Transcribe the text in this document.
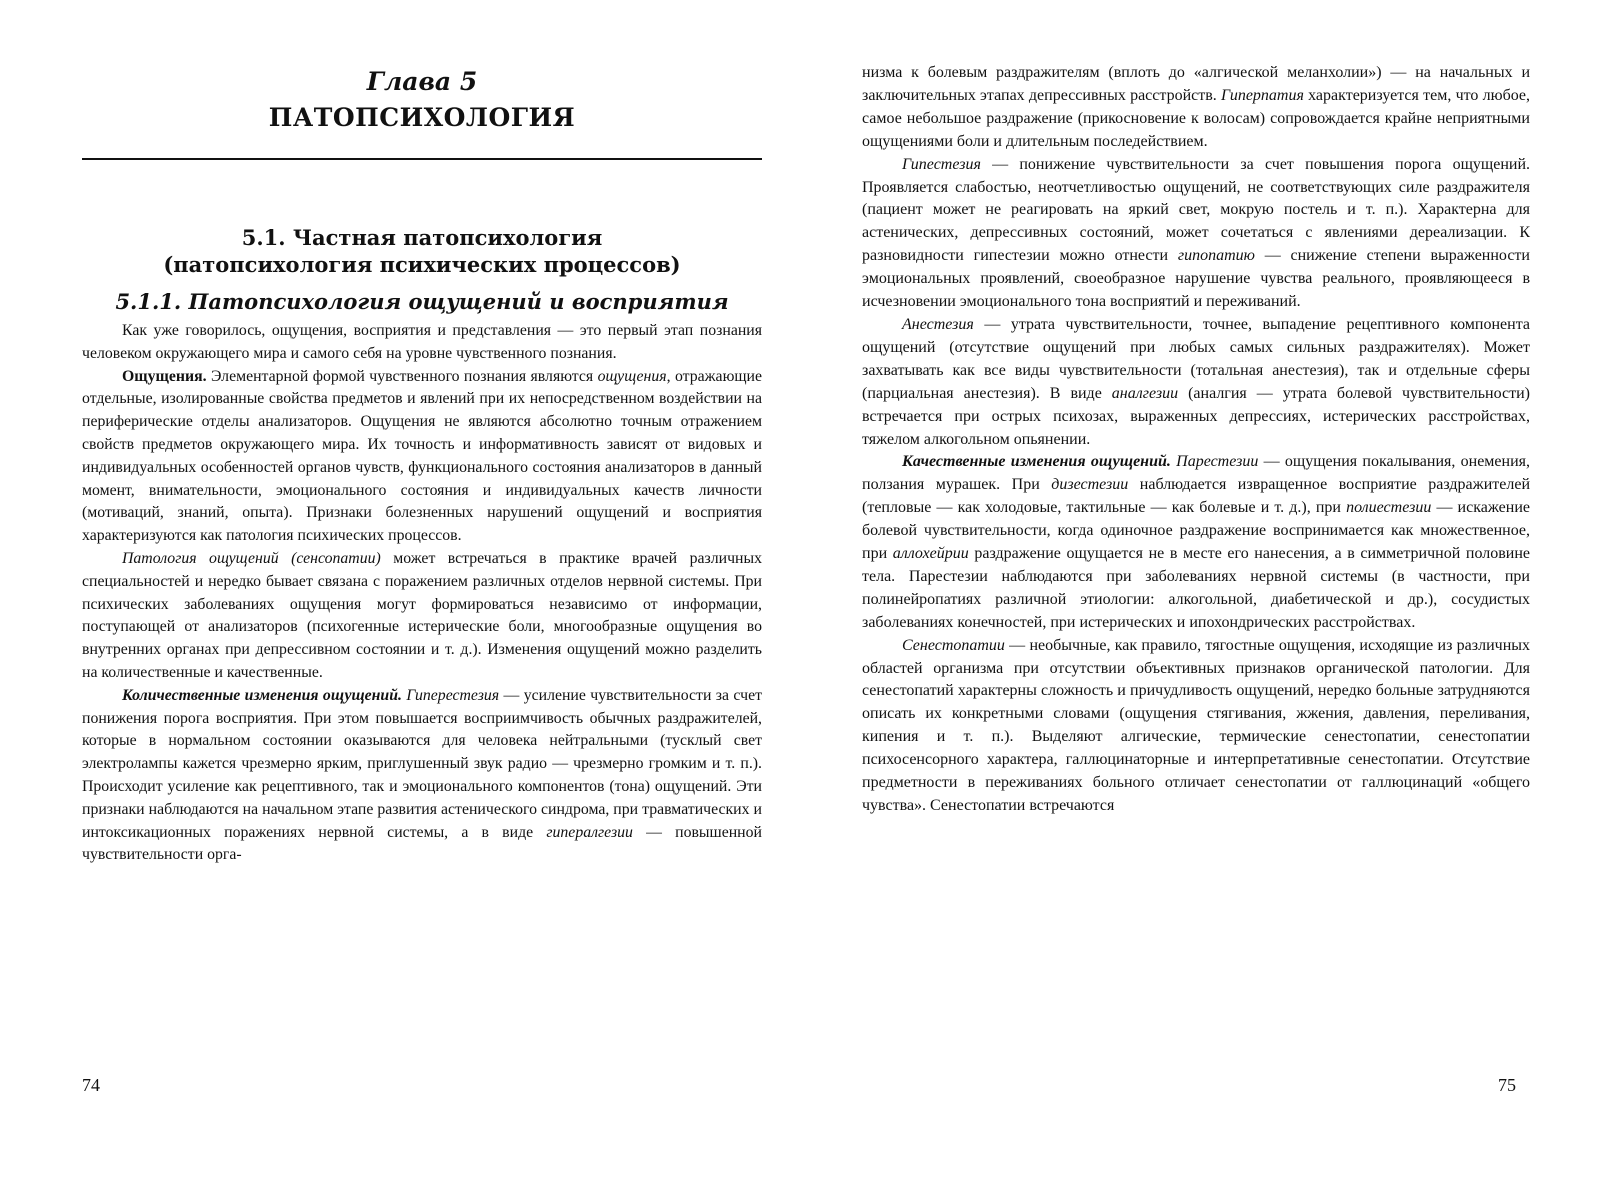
Глава 5
ПАТОПСИХОЛОГИЯ
5.1. Частная патопсихология
(патопсихология психических процессов)
5.1.1. Патопсихология ощущений и восприятия

Как уже говорилось, ощущения, восприятия и представления — это первый этап познания человеком окружающего мира и самого себя на уровне чувственного познания.

Ощущения. Элементарной формой чувственного познания являются ощущения, отражающие отдельные, изолированные свойства предметов и явлений при их непосредственном воздействии на периферические отделы анализаторов. Ощущения не являются абсолютно точным отражением свойств предметов окружающего мира. Их точность и информативность зависят от видовых и индивидуальных особенностей органов чувств, функционального состояния анализаторов в данный момент, внимательности, эмоционального состояния и индивидуальных качеств личности (мотиваций, знаний, опыта). Признаки болезненных нарушений ощущений и восприятия характеризуются как патология психических процессов.

Патология ощущений (сенсопатии) может встречаться в практике врачей различных специальностей и нередко бывает связана с поражением различных отделов нервной системы. При психических заболеваниях ощущения могут формироваться независимо от информации, поступающей от анализаторов (психогенные истерические боли, многообразные ощущения во внутренних органах при депрессивном состоянии и т. д.). Изменения ощущений можно разделить на количественные и качественные.

Количественные изменения ощущений. Гиперестезия — усиление чувствительности за счет понижения порога восприятия. При этом повышается восприимчивость обычных раздражителей, которые в нормальном состоянии оказываются для человека нейтральными (тусклый свет электролампы кажется чрезмерно ярким, приглушенный звук радио — чрезмерно громким и т. п.). Происходит усиление как рецептивного, так и эмоционального компонентов (тона) ощущений. Эти признаки наблюдаются на начальном этапе развития астенического синдрома, при травматических и интоксикационных поражениях нервной системы, а в виде гипералгезии — повышенной чувствительности орга-

низма к болевым раздражителям (вплоть до «алгической меланхолии») — на начальных и заключительных этапах депрессивных расстройств. Гиперпатия характеризуется тем, что любое, самое небольшое раздражение (прикосновение к волосам) сопровождается крайне неприятными ощущениями боли и длительным последействием.

Гипестезия — понижение чувствительности за счет повышения порога ощущений. Проявляется слабостью, неотчетливостью ощущений, не соответствующих силе раздражителя (пациент может не реагировать на яркий свет, мокрую постель и т. п.). Характерна для астенических, депрессивных состояний, может сочетаться с явлениями дереализации. К разновидности гипестезии можно отнести гипопатию — снижение степени выраженности эмоциональных проявлений, своеобразное нарушение чувства реального, проявляющееся в исчезновении эмоционального тона восприятий и переживаний.

Анестезия — утрата чувствительности, точнее, выпадение рецептивного компонента ощущений (отсутствие ощущений при любых самых сильных раздражителях). Может захватывать как все виды чувствительности (тотальная анестезия), так и отдельные сферы (парциальная анестезия). В виде аналгезии (аналгия — утрата болевой чувствительности) встречается при острых психозах, выраженных депрессиях, истерических расстройствах, тяжелом алкогольном опьянении.

Качественные изменения ощущений. Парестезии — ощущения покалывания, онемения, ползания мурашек. При дизестезии наблюдается извращенное восприятие раздражителей (тепловые — как холодовые, тактильные — как болевые и т. д.), при полиестезии — искажение болевой чувствительности, когда одиночное раздражение воспринимается как множественное, при аллохейрии раздражение ощущается не в месте его нанесения, а в симметричной половине тела. Парестезии наблюдаются при заболеваниях нервной системы (в частности, при полинейропатиях различной этиологии: алкогольной, диабетической и др.), сосудистых заболеваниях конечностей, при истерических и ипохондрических расстройствах.

Сенестопатии — необычные, как правило, тягостные ощущения, исходящие из различных областей организма при отсутствии объективных признаков органической патологии. Для сенестопатий характерны сложность и причудливость ощущений, нередко больные затрудняются описать их конкретными словами (ощущения стягивания, жжения, давления, переливания, кипения и т. п.). Выделяют алгические, термические сенестопатии, сенестопатии психосенсорного характера, галлюцинаторные и интерпретативные сенестопатии. Отсутствие предметности в переживаниях больного отличает сенестопатии от галлюцинаций «общего чувства». Сенестопатии встречаются

74	75
